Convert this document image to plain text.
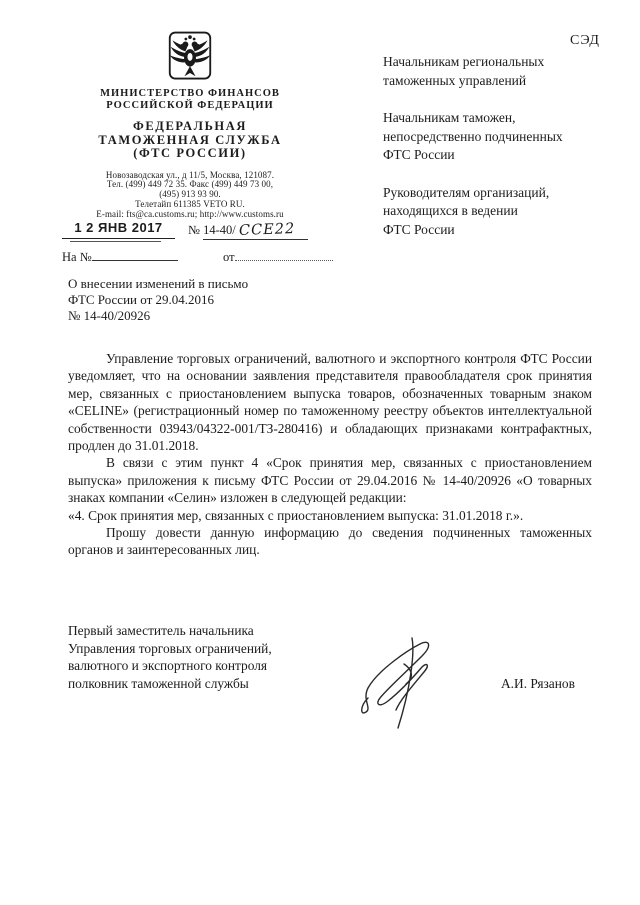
МИНИСТЕРСТВО ФИНАНСОВ
РОССИЙСКОЙ ФЕДЕРАЦИИ
ФЕДЕРАЛЬНАЯ
ТАМОЖЕННАЯ СЛУЖБА
(ФТС РОССИИ)
Новозаводская ул., д 11/5, Москва, 121087.
Тел. (499) 449 72 35. Факс (499) 449 73 00,
(495) 913 93 90.
Телетайп 611385 VETO RU.
E-mail: fts@ca.customs.ru; http://www.customs.ru
1 2 ЯНВ 2017	№ 14-40/ ССЕ22
На №	от
СЭД
Начальникам региональных
таможенных управлений
Начальникам таможен,
непосредственно подчиненных
ФТС России
Руководителям организаций,
находящихся в ведении
ФТС России
О внесении изменений в письмо
ФТС России от 29.04.2016
№ 14-40/20926

Управление торговых ограничений, валютного и экспортного контроля ФТС России уведомляет, что на основании заявления представителя правообладателя срок принятия мер, связанных с приостановлением выпуска товаров, обозначенных товарным знаком «CELINE» (регистрационный номер по таможенному реестру объектов интеллектуальной собственности 03943/04322-001/ТЗ-280416) и обладающих признаками контрафактных, продлен до 31.01.2018.

В связи с этим пункт 4 «Срок принятия мер, связанных с приостановлением выпуска» приложения к письму ФТС России от 29.04.2016 № 14-40/20926 «О товарных знаках компании «Селин» изложен в следующей редакции:

«4. Срок принятия мер, связанных с приостановлением выпуска: 31.01.2018 г.».

Прошу довести данную информацию до сведения подчиненных таможенных органов и заинтересованных лиц.

Первый заместитель начальника
Управления торговых ограничений,
валютного и экспортного контроля
полковник таможенной службы	А.И. Рязанов
